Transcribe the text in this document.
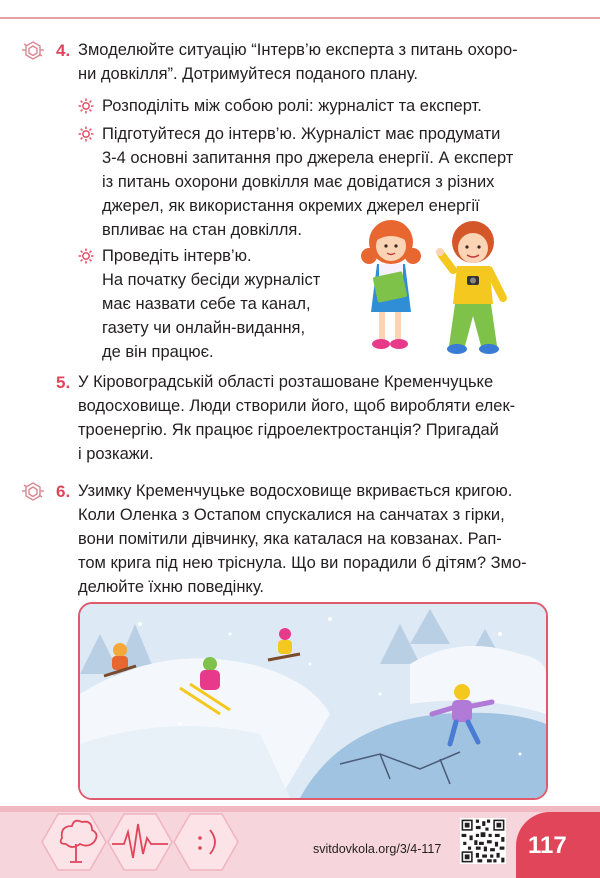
4. Змоделюйте ситуацію “Інтерв’ю експерта з питань охоро-
ни довкілля”. Дотримуйтеся поданого плану.
Розподіліть між собою ролі: журналіст та експерт.
Підготуйтеся до інтерв’ю. Журналіст має продумати
3-4 основні запитання про джерела енергії. А експерт
із питань охорони довкілля має довідатися з різних
джерел, як використання окремих джерел енергії
впливає на стан довкілля.
Проведіть інтерв’ю.
На початку бесіди журналіст
має назвати себе та канал,
газету чи онлайн-видання,
де він працює.
5. У Кіровоградській області розташоване Кременчуцьке
водосховище. Люди створили його, щоб виробляти елек-
троенергію. Як працює гідроелектростанція? Пригадай
і розкажи.
6. Узимку Кременчуцьке водосховище вкривається кригою.
Коли Оленка з Остапом спускалися на санчатах з гірки,
вони помітили дівчинку, яка каталася на ковзанах. Рап-
том крига під нею тріснула. Що ви порадили б дітям? Змо-
делюйте їхню поведінку.
svitdovkola.org/3/4-117	117
